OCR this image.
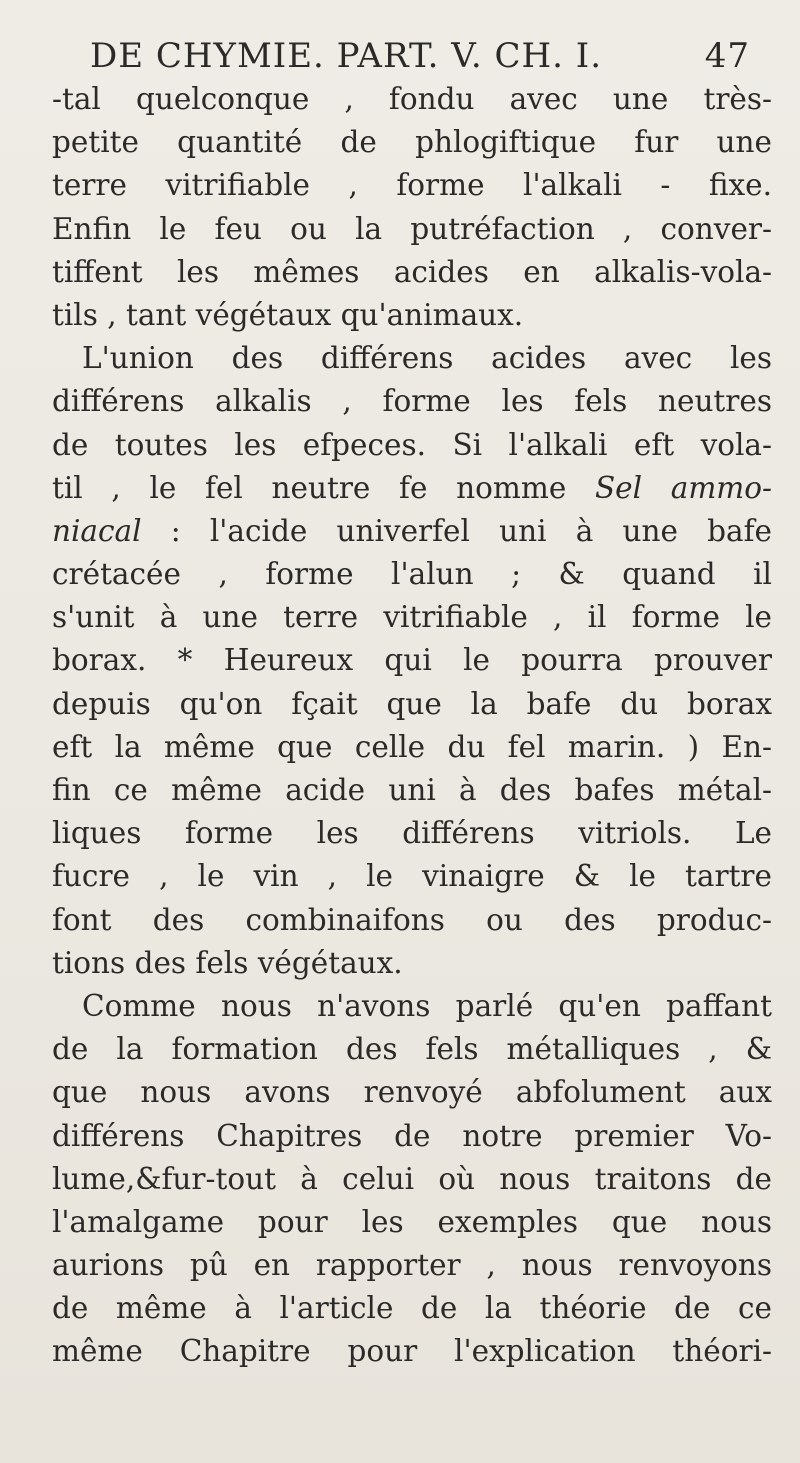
DE CHYMIE. PART. V. CH. I.	47
-tal quelconque , fondu avec une très-
petite quantité de phlogiftique fur une
terre vitrifiable , forme l'alkali - fixe.
Enfin le feu ou la putréfaction , conver-
tiffent les mêmes acides en alkalis-vola-
tils , tant végétaux qu'animaux.
L'union des différens acides avec les
différens alkalis , forme les fels neutres
de toutes les efpeces. Si l'alkali eft vola-
til , le fel neutre fe nomme Sel ammo-
niacal : l'acide univerfel uni à une bafe
crétacée , forme l'alun ; & quand il
s'unit à une terre vitrifiable , il forme le
borax. * Heureux qui le pourra prouver
depuis qu'on fçait que la bafe du borax
eft la même que celle du fel marin. ) En-
fin ce même acide uni à des bafes métal-
liques forme les différens vitriols. Le
fucre , le vin , le vinaigre & le tartre
font des combinaifons ou des produc-
tions des fels végétaux.
Comme nous n'avons parlé qu'en paffant
de la formation des fels métalliques , &
que nous avons renvoyé abfolument aux
différens Chapitres de notre premier Vo-
lume,&fur-tout à celui où nous traitons de
l'amalgame pour les exemples que nous
aurions pû en rapporter , nous renvoyons
de même à l'article de la théorie de ce
même Chapitre pour l'explication théori-
